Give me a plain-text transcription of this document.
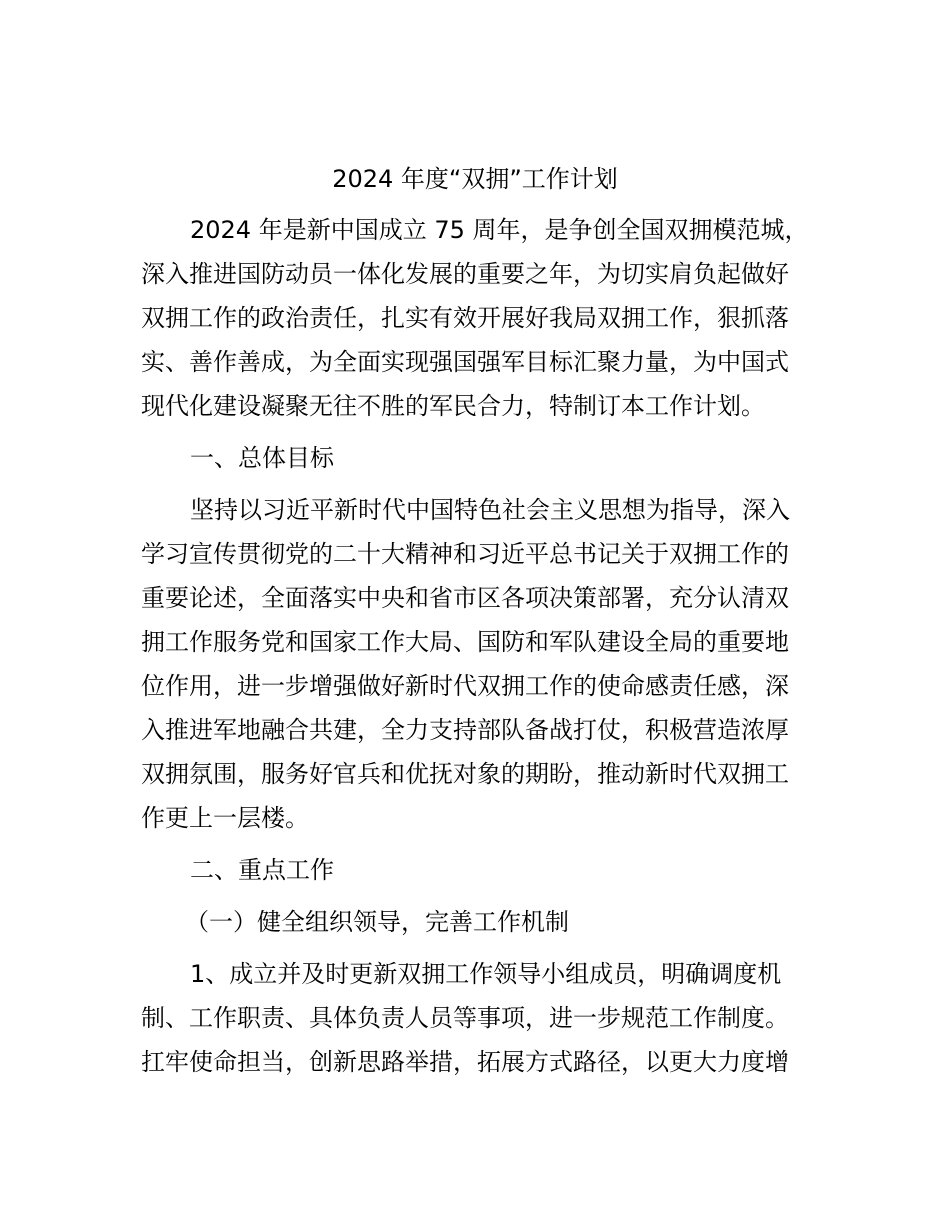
2024 年度“双拥”工作计划
2024 年是新中国成立 75 周年，是争创全国双拥模范城，
深入推进国防动员一体化发展的重要之年，为切实肩负起做好
双拥工作的政治责任，扎实有效开展好我局双拥工作，狠抓落
实、善作善成，为全面实现强国强军目标汇聚力量，为中国式
现代化建设凝聚无往不胜的军民合力，特制订本工作计划。
一、总体目标
坚持以习近平新时代中国特色社会主义思想为指导，深入
学习宣传贯彻党的二十大精神和习近平总书记关于双拥工作的
重要论述，全面落实中央和省市区各项决策部署，充分认清双
拥工作服务党和国家工作大局、国防和军队建设全局的重要地
位作用，进一步增强做好新时代双拥工作的使命感责任感，深
入推进军地融合共建，全力支持部队备战打仗，积极营造浓厚
双拥氛围，服务好官兵和优抚对象的期盼，推动新时代双拥工
作更上一层楼。
二、重点工作
（一）健全组织领导，完善工作机制
1、成立并及时更新双拥工作领导小组成员，明确调度机
制、工作职责、具体负责人员等事项，进一步规范工作制度。
扛牢使命担当，创新思路举措，拓展方式路径，以更大力度增
